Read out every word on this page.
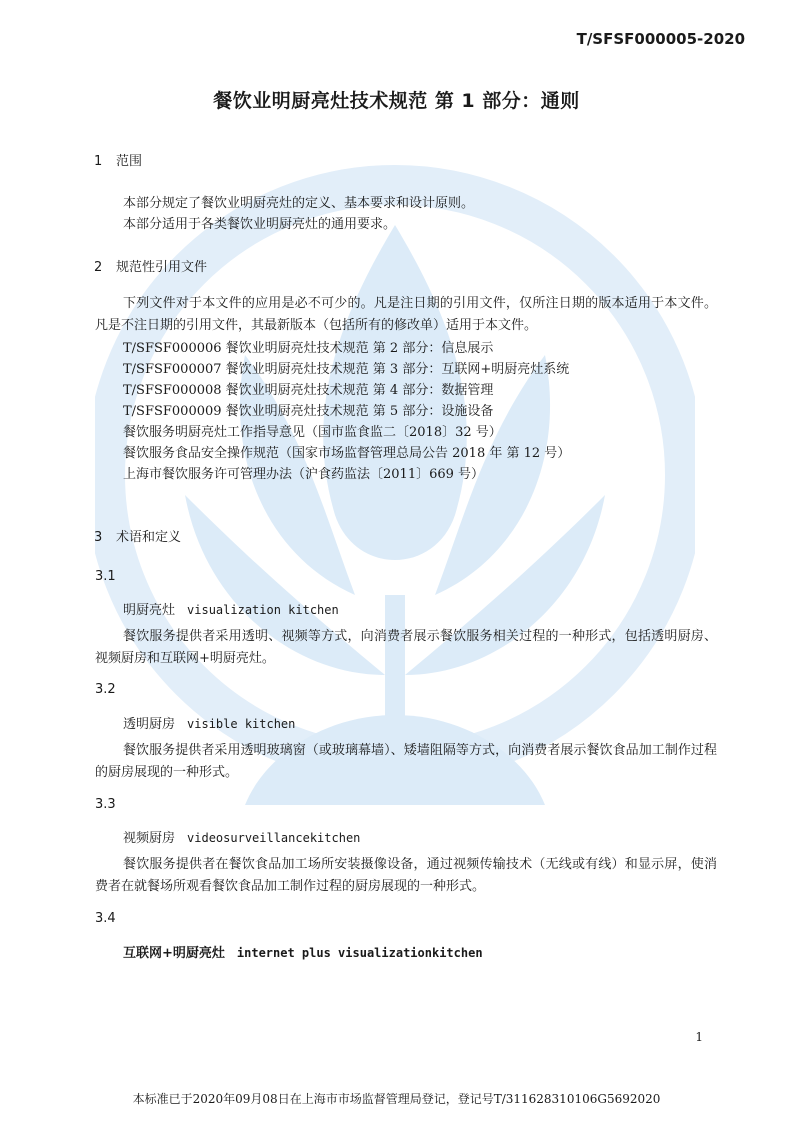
T/SFSF000005-2020

餐饮业明厨亮灶技术规范 第 1 部分：通则

1 范围

本部分规定了餐饮业明厨亮灶的定义、基本要求和设计原则。

本部分适用于各类餐饮业明厨亮灶的通用要求。

2 规范性引用文件

下列文件对于本文件的应用是必不可少的。凡是注日期的引用文件，仅所注日期的版本适用于本文件。凡是不注日期的引用文件，其最新版本（包括所有的修改单）适用于本文件。

T/SFSF000006 餐饮业明厨亮灶技术规范 第 2 部分：信息展示

T/SFSF000007 餐饮业明厨亮灶技术规范 第 3 部分：互联网+明厨亮灶系统

T/SFSF000008 餐饮业明厨亮灶技术规范 第 4 部分：数据管理

T/SFSF000009 餐饮业明厨亮灶技术规范 第 5 部分：设施设备

餐饮服务明厨亮灶工作指导意见（国市监食监二〔2018〕32 号）

餐饮服务食品安全操作规范（国家市场监督管理总局公告 2018 年 第 12 号）

上海市餐饮服务许可管理办法（沪食药监法〔2011〕669 号）

3 术语和定义

3.1

明厨亮灶 visualization kitchen

餐饮服务提供者采用透明、视频等方式，向消费者展示餐饮服务相关过程的一种形式，包括透明厨房、视频厨房和互联网+明厨亮灶。

3.2

透明厨房 visible kitchen

餐饮服务提供者采用透明玻璃窗（或玻璃幕墙）、矮墙阻隔等方式，向消费者展示餐饮食品加工制作过程的厨房展现的一种形式。

3.3

视频厨房 videosurveillancekitchen

餐饮服务提供者在餐饮食品加工场所安装摄像设备，通过视频传输技术（无线或有线）和显示屏，使消费者在就餐场所观看餐饮食品加工制作过程的厨房展现的一种形式。

3.4

互联网+明厨亮灶 internet plus visualizationkitchen

1

本标准已于2020年09月08日在上海市市场监督管理局登记，登记号T/311628310106G5692020
